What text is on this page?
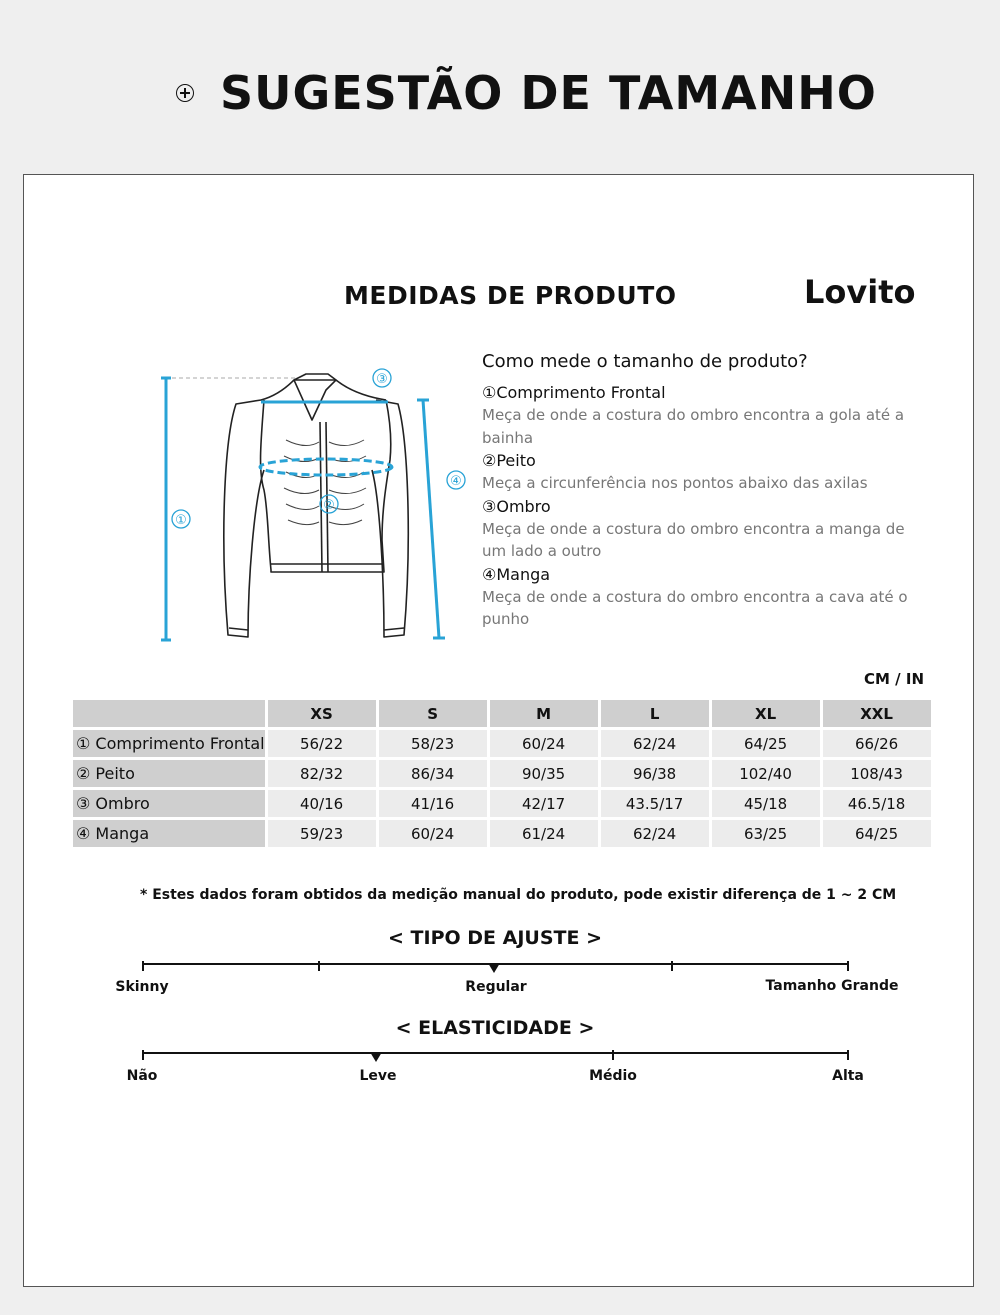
SUGESTÃO DE TAMANHO
MEDIDAS DE PRODUTO	Lovito
①
②
③
④
Como mede o tamanho de produto?
①Comprimento Frontal
Meça de onde a costura do ombro encontra a gola até a bainha
②Peito
Meça a circunferência nos pontos abaixo das axilas
③Ombro
Meça de onde a costura do ombro encontra a manga de um lado a outro
④Manga
Meça de onde a costura do ombro encontra a cava até o punho
CM / IN
	XS	S	M	L	XL	XXL
① Comprimento Frontal	56/22	58/23	60/24	62/24	64/25	66/26
② Peito	82/32	86/34	90/35	96/38	102/40	108/43
③ Ombro	40/16	41/16	42/17	43.5/17	45/18	46.5/18
④ Manga	59/23	60/24	61/24	62/24	63/25	64/25
* Estes dados foram obtidos da medição manual do produto, pode existir diferença de 1 ~ 2 CM
< TIPO DE AJUSTE >
Skinny	Regular	Tamanho Grande
< ELASTICIDADE >
Não	Leve	Médio	Alta
